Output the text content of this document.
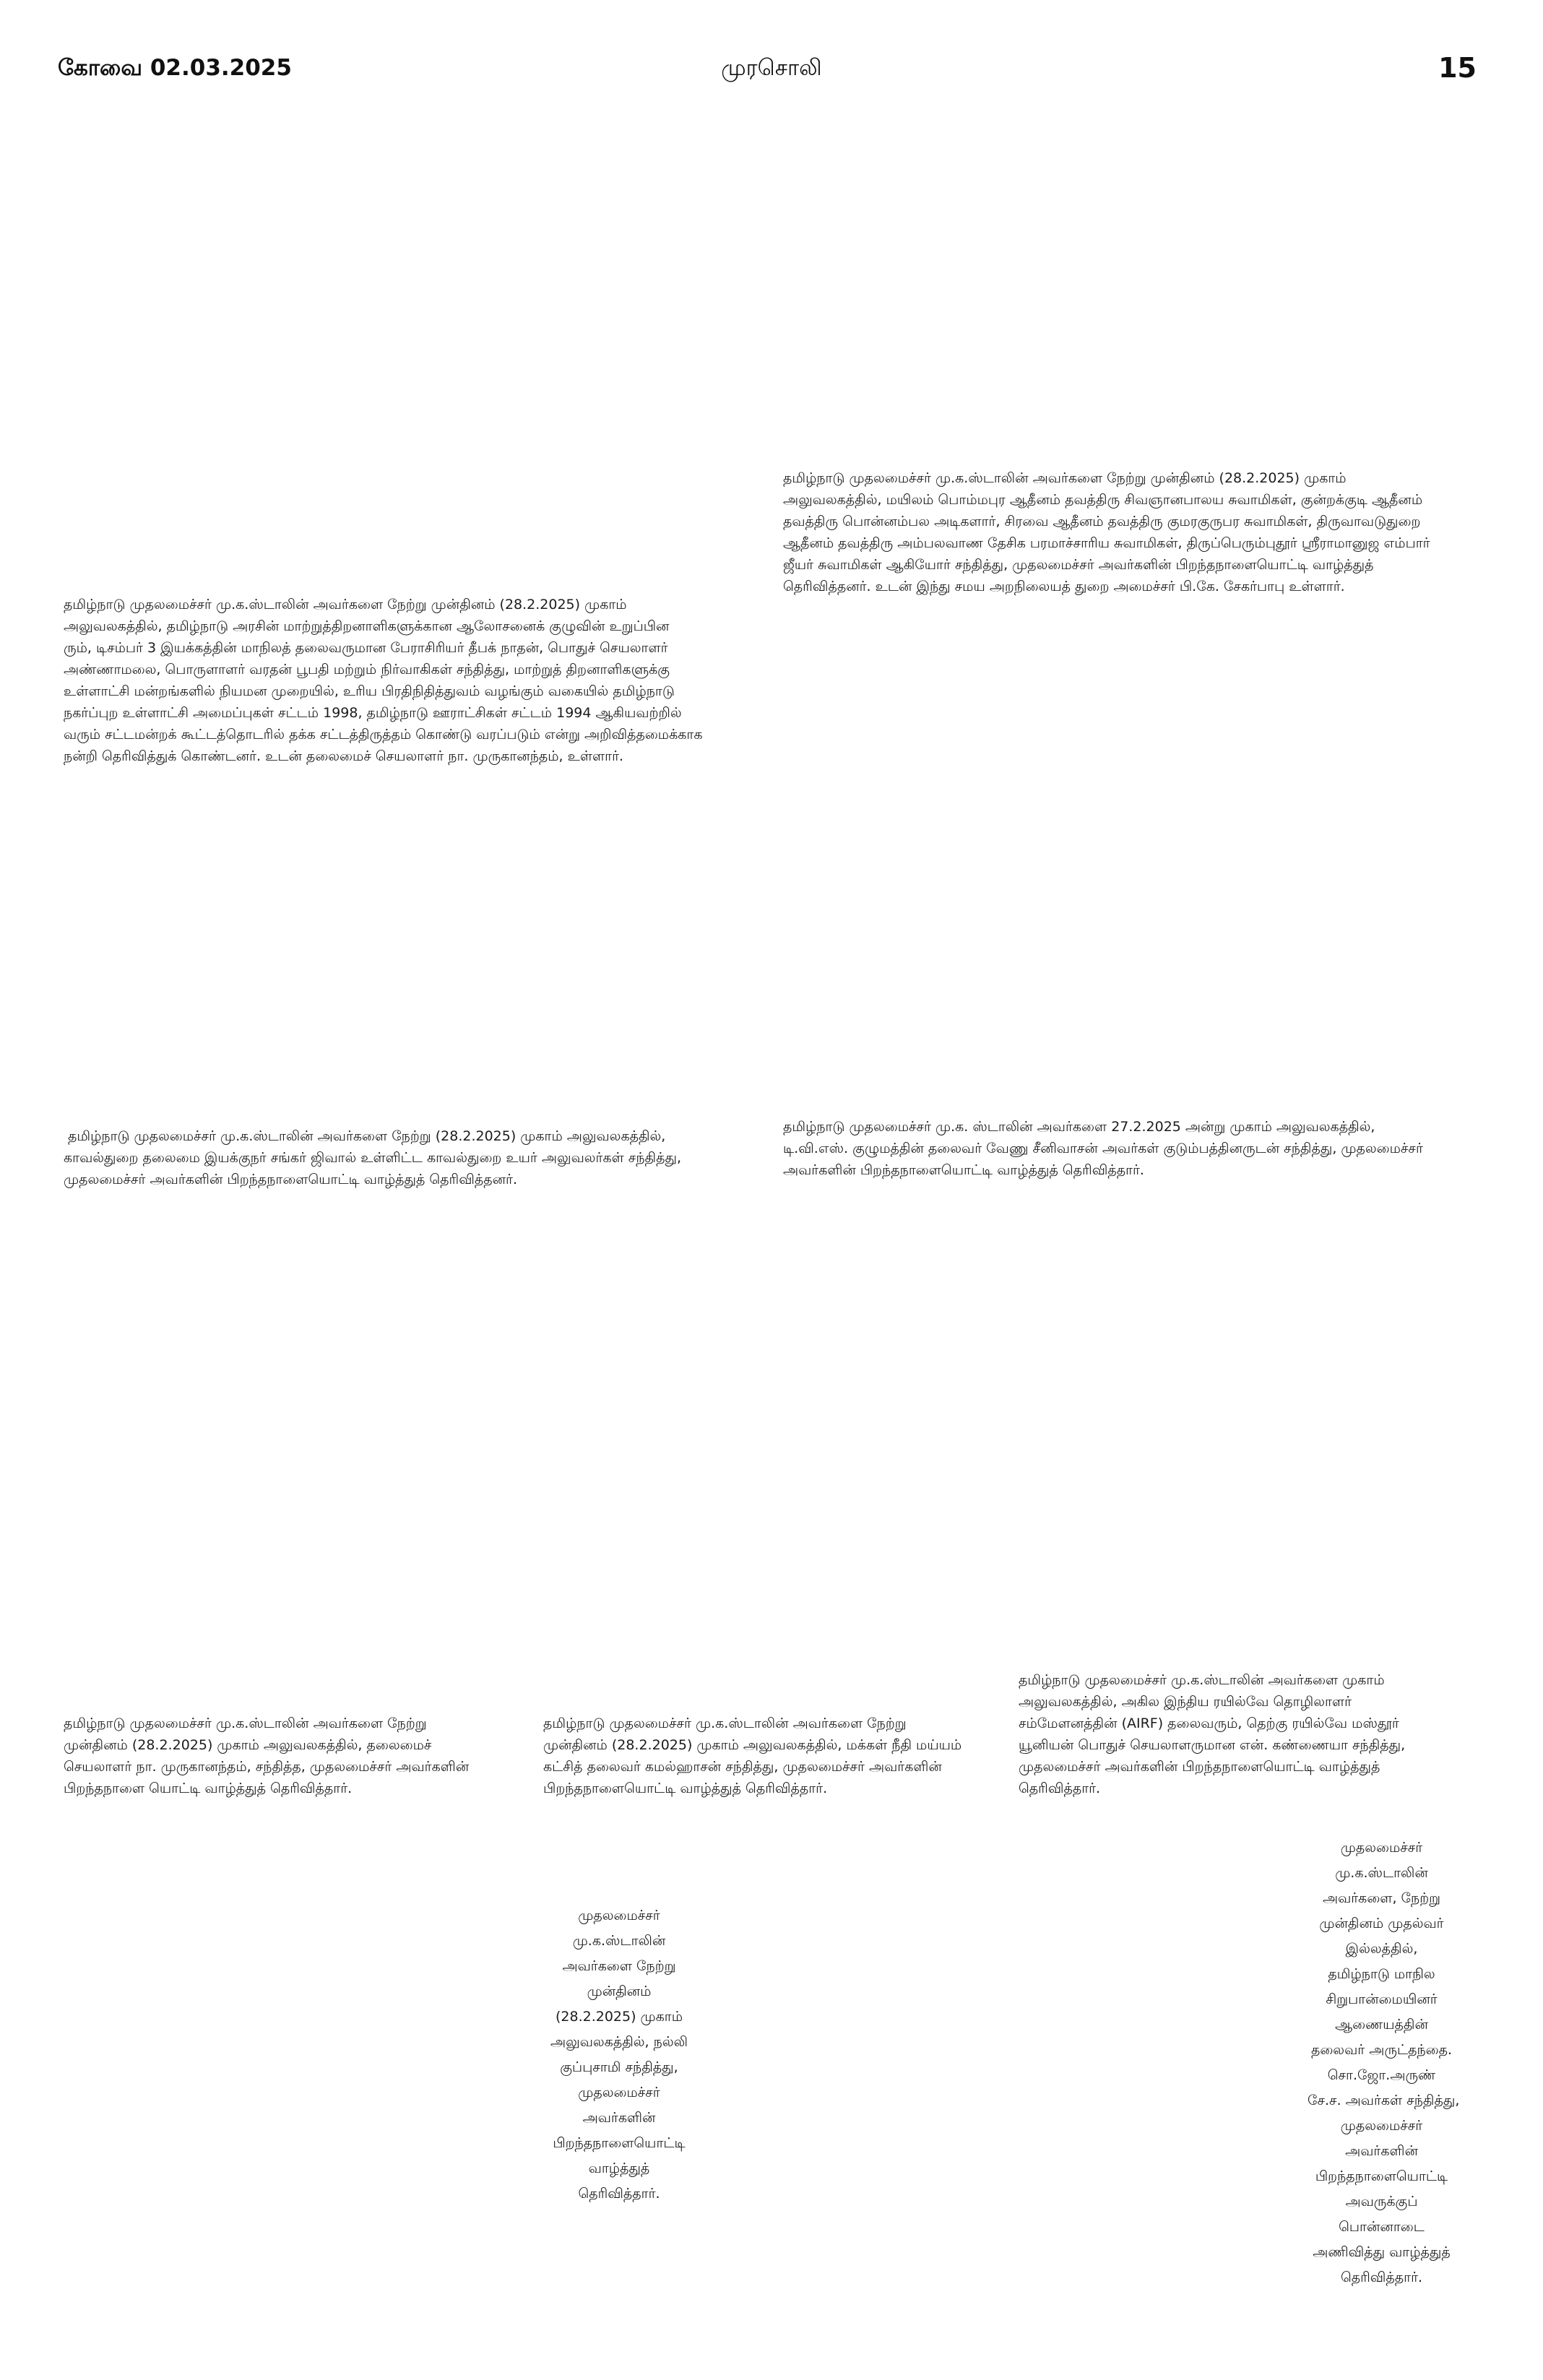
கோவை 02.03.2025	முரசொலி	15
தமிழ்நாடு முதலமைச்சர் மு.க.ஸ்டாலின் அவர்களை நேற்று முன்தினம் (28.2.2025) முகாம்
அலுவலகத்தில், தமிழ்நாடு அரசின் மாற்றுத்திறனாளிகளுக்கான ஆலோசனைக் குழுவின் உறுப்பின
ரும், டிசம்பர் 3 இயக்கத்தின் மாநிலத் தலைவருமான பேராசிரியர் தீபக் நாதன், பொதுச் செயலாளர்
அண்ணாமலை, பொருளாளர் வரதன் பூபதி மற்றும் நிர்வாகிகள் சந்தித்து, மாற்றுத் திறனாளிகளுக்கு
உள்ளாட்சி மன்றங்களில் நியமன முறையில், உரிய பிரதிநிதித்துவம் வழங்கும் வகையில் தமிழ்நாடு
நகர்ப்புற உள்ளாட்சி அமைப்புகள் சட்டம் 1998, தமிழ்நாடு ஊராட்சிகள் சட்டம் 1994 ஆகியவற்றில்
வரும் சட்டமன்றக் கூட்டத்தொடரில் தக்க சட்டத்திருத்தம் கொண்டு வரப்படும் என்று அறிவித்தமைக்காக
நன்றி தெரிவித்துக் கொண்டனர். உடன் தலைமைச் செயலாளர் நா. முருகானந்தம், உள்ளார்.
தமிழ்நாடு முதலமைச்சர் மு.க.ஸ்டாலின் அவர்களை நேற்று முன்தினம் (28.2.2025) முகாம்
அலுவலகத்தில், மயிலம் பொம்மபுர ஆதீனம் தவத்திரு சிவஞானபாலய சுவாமிகள், குன்றக்குடி ஆதீனம்
தவத்திரு பொன்னம்பல அடிகளார், சிரவை ஆதீனம் தவத்திரு குமரகுருபர சுவாமிகள், திருவாவடுதுறை
ஆதீனம் தவத்திரு அம்பலவாண தேசிக பரமாச்சாரிய சுவாமிகள், திருப்பெரும்புதூர் ஸ்ரீராமானுஜ எம்பார்
ஜீயர் சுவாமிகள் ஆகியோர் சந்தித்து, முதலமைச்சர் அவர்களின் பிறந்தநாளையொட்டி வாழ்த்துத்
தெரிவித்தனர். உடன் இந்து சமய அறநிலையத் துறை அமைச்சர் பி.கே. சேகர்பாபு உள்ளார்.
தமிழ்நாடு முதலமைச்சர் மு.க.ஸ்டாலின் அவர்களை நேற்று (28.2.2025) முகாம் அலுவலகத்தில்,
காவல்துறை தலைமை இயக்குநர் சங்கர் ஜிவால் உள்ளிட்ட காவல்துறை உயர் அலுவலர்கள் சந்தித்து,
முதலமைச்சர் அவர்களின் பிறந்தநாளையொட்டி வாழ்த்துத் தெரிவித்தனர்.
தமிழ்நாடு முதலமைச்சர் மு.க. ஸ்டாலின் அவர்களை 27.2.2025 அன்று முகாம் அலுவலகத்தில்,
டி.வி.எஸ். குழுமத்தின் தலைவர் வேணு சீனிவாசன் அவர்கள் குடும்பத்தினருடன் சந்தித்து, முதலமைச்சர்
அவர்களின் பிறந்தநாளையொட்டி வாழ்த்துத் தெரிவித்தார்.
தமிழ்நாடு முதலமைச்சர் மு.க.ஸ்டாலின் அவர்களை நேற்று
முன்தினம் (28.2.2025) முகாம் அலுவலகத்தில், தலைமைச்
செயலாளர் நா. முருகானந்தம், சந்தித்த, முதலமைச்சர் அவர்களின்
பிறந்தநாளை யொட்டி வாழ்த்துத் தெரிவித்தார்.
தமிழ்நாடு முதலமைச்சர் மு.க.ஸ்டாலின் அவர்களை நேற்று
முன்தினம் (28.2.2025) முகாம் அலுவலகத்தில், மக்கள் நீதி மய்யம்
கட்சித் தலைவர் கமல்ஹாசன் சந்தித்து, முதலமைச்சர் அவர்களின்
பிறந்தநாளையொட்டி வாழ்த்துத் தெரிவித்தார்.
தமிழ்நாடு முதலமைச்சர் மு.க.ஸ்டாலின் அவர்களை முகாம்
அலுவலகத்தில், அகில இந்திய ரயில்வே தொழிலாளர்
சம்மேளனத்தின் (AIRF) தலைவரும், தெற்கு ரயில்வே மஸ்தூர்
யூனியன் பொதுச் செயலாளருமான என். கண்ணையா சந்தித்து,
முதலமைச்சர் அவர்களின் பிறந்தநாளையொட்டி வாழ்த்துத்
தெரிவித்தார்.
முதலமைச்சர்
மு.க.ஸ்டாலின்
அவர்களை நேற்று
முன்தினம்
(28.2.2025) முகாம்
அலுவலகத்தில், நல்லி
குப்புசாமி சந்தித்து,
முதலமைச்சர்
அவர்களின்
பிறந்தநாளையொட்டி
வாழ்த்துத்
தெரிவித்தார்.
முதலமைச்சர்
மு.க.ஸ்டாலின்
அவர்களை, நேற்று
முன்தினம் முதல்வர்
இல்லத்தில்,
தமிழ்நாடு மாநில
சிறுபான்மையினர்
ஆணையத்தின்
தலைவர் அருட்தந்தை.
சொ.ஜோ.அருண்
சே.ச. அவர்கள் சந்தித்து,
முதலமைச்சர்
அவர்களின்
பிறந்தநாளையொட்டி
அவருக்குப்
பொன்னாடை
அணிவித்து வாழ்த்துத்
தெரிவித்தார்.
